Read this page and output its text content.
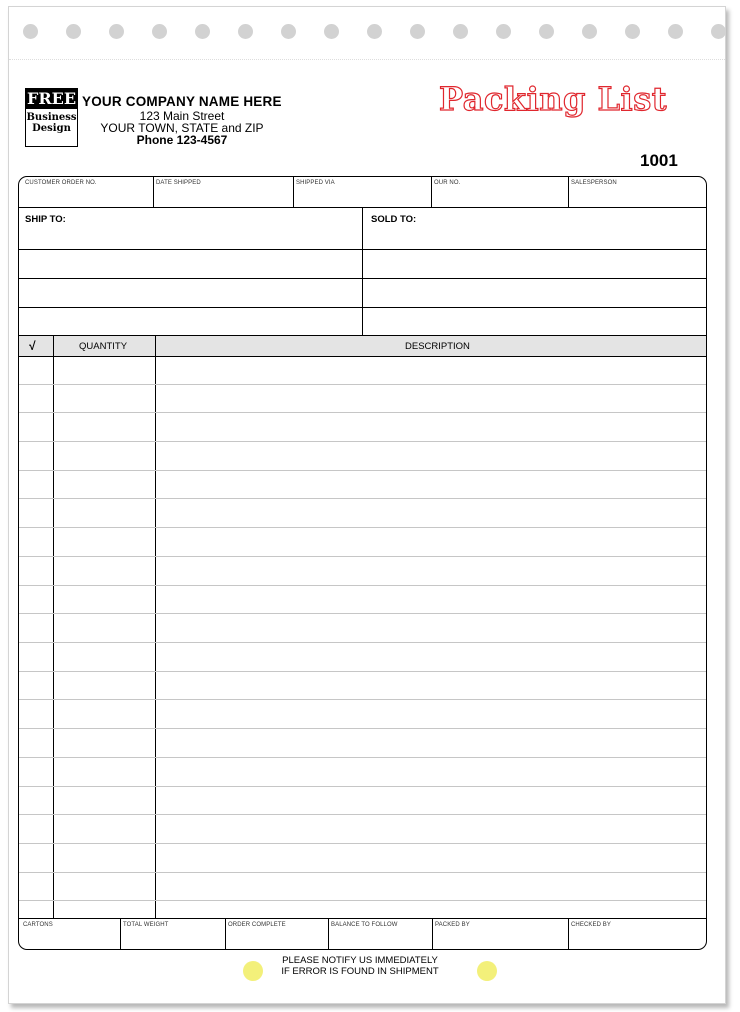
FREE
Business
Design
YOUR COMPANY NAME HERE
123 Main Street
YOUR TOWN, STATE and ZIP
Phone 123-4567
Packing List
1001
CUSTOMER ORDER NO.	DATE SHIPPED	SHIPPED VIA	OUR NO.	SALESPERSON
SHIP TO:	SOLD TO:
√	QUANTITY	DESCRIPTION
CARTONS	TOTAL WEIGHT	ORDER COMPLETE	BALANCE TO FOLLOW	PACKED BY	CHECKED BY
PLEASE NOTIFY US IMMEDIATELY
IF ERROR IS FOUND IN SHIPMENT
